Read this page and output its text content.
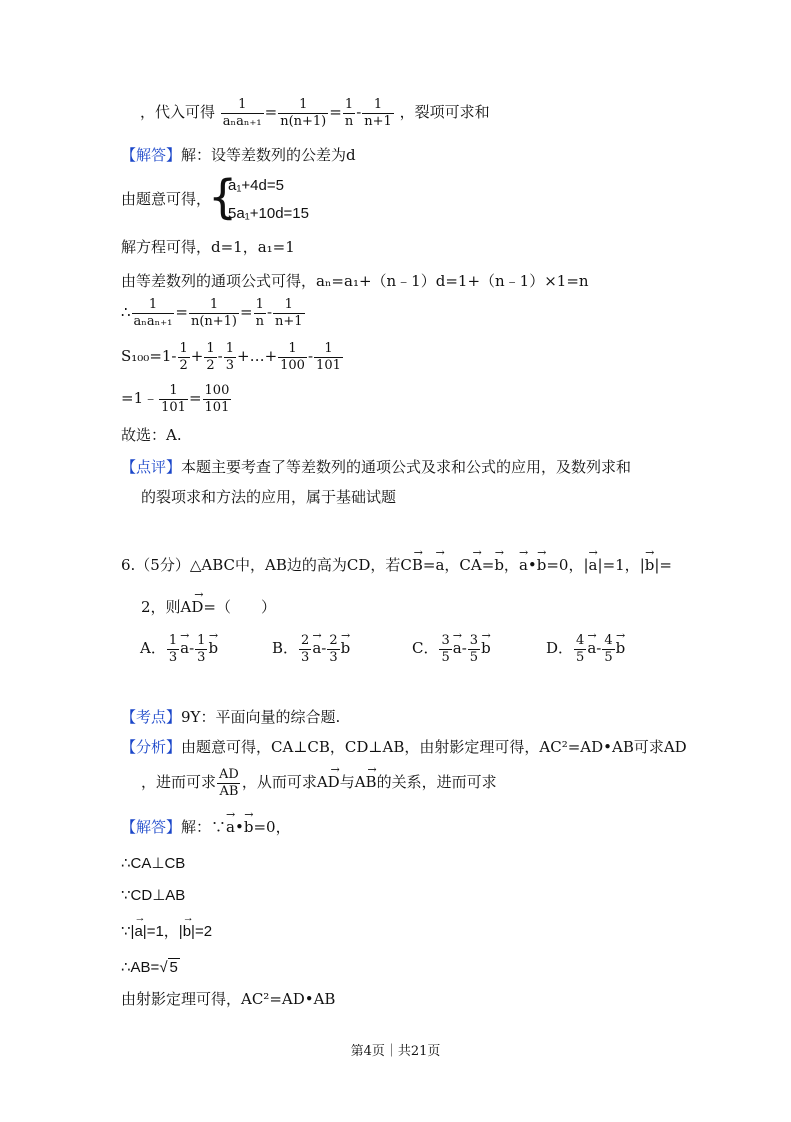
，代入可得 $\frac{1}{\text{aₙaₙ₊₁}} = \frac{1}{n(n+1)} = \frac{1}{n} - \frac{1}{n+1}$ ，裂项可求和
【解答】解：设等差数列的公差为d
由题意可得，
{
a₁+4d=5
5a₁+10d=15
解方程可得，d=1，a₁=1
由等差数列的通项公式可得，aₙ=a₁+（n﹣1）d=1+（n﹣1）×1=n
∴ $\frac{1}{\text{aₙaₙ₊₁}} = \frac{1}{n(n+1)} = \frac{1}{n} - \frac{1}{n+1}$
$S_{100}=1- \frac{1}{2} + \frac{1}{2} - \frac{1}{3}$ +…+ $\frac{1}{100} - \frac{1}{101}$
=1﹣ $\frac{1}{101} = \frac{100}{101}$
故选：A.
【点评】本题主要考查了等差数列的通项公式及求和公式的应用，及数列求和
的裂项求和方法的应用，属于基础试题
6.（5分）△ABC中，AB边的高为CD，若→ CB=→ a，→ CA=→ b，→ a•→ b=0，|→ a|=1，|→ b|=
2，则→ AD=（　　）
A． $\frac{1}{3}$
→ $a- \frac{1}{3}$
→ b	B． $\frac{2}{3}$
→ $a- \frac{2}{3}$
→ b	C． $\frac{3}{5}$
→ $a- \frac{3}{5}$
→ b	D． $\frac{4}{5}$
→ $a- \frac{4}{5}$
→ b
【考点】9Y：平面向量的综合题.
【分析】由题意可得，CA⊥CB，CD⊥AB，由射影定理可得，AC²=AD•AB可求AD
，进而可求 $\frac{AD}{AB}$ ，从而可求→ AD与→ AB的关系，进而可求
【解答】解：∵→ a•→ b=0，
∴CA⊥CB
∵CD⊥AB
∵|→ a|=1，|→ b|=2
∴AB=√ 5
由射影定理可得，AC²=AD•AB
第4页｜共21页
